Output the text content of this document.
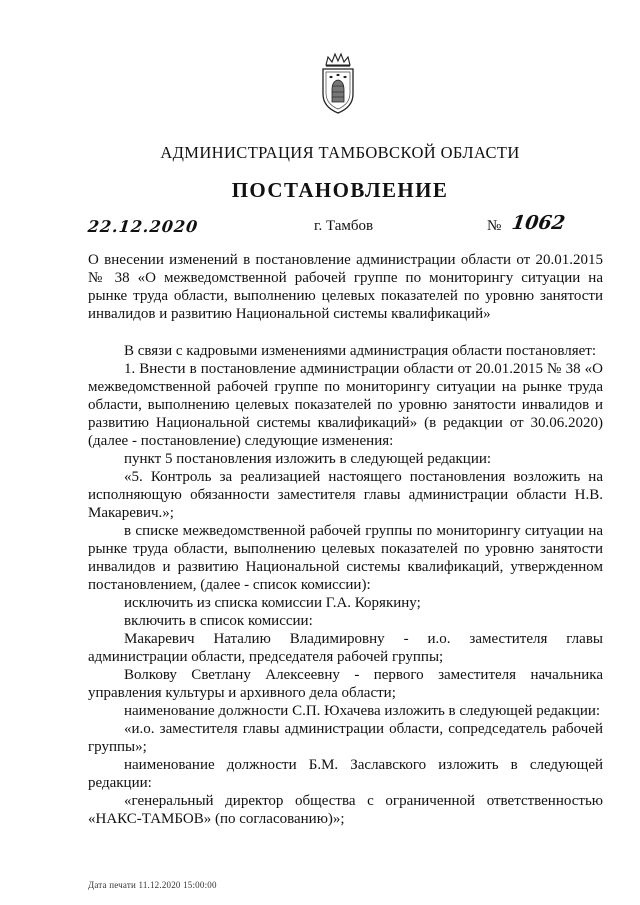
АДМИНИСТРАЦИЯ ТАМБОВСКОЙ ОБЛАСТИ
ПОСТАНОВЛЕНИЕ
22.12.2020	г. Тамбов	№ 1062
О внесении изменений в постановление администрации области от 20.01.2015 № 38 «О межведомственной рабочей группе по мониторингу ситуации на рынке труда области, выполнению целевых показателей по уровню занятости инвалидов и развитию Национальной системы квалификаций»

В связи с кадровыми изменениями администрация области постановляет:

1. Внести в постановление администрации области от 20.01.2015 № 38 «О межведомственной рабочей группе по мониторингу ситуации на рынке труда области, выполнению целевых показателей по уровню занятости инвалидов и развитию Национальной системы квалификаций» (в редакции от 30.06.2020) (далее - постановление) следующие изменения:

пункт 5 постановления изложить в следующей редакции:

«5. Контроль за реализацией настоящего постановления возложить на исполняющую обязанности заместителя главы администрации области Н.В. Макаревич.»;

в списке межведомственной рабочей группы по мониторингу ситуации на рынке труда области, выполнению целевых показателей по уровню занятости инвалидов и развитию Национальной системы квалификаций, утвержденном постановлением, (далее - список комиссии):

исключить из списка комиссии Г.А. Корякину;

включить в список комиссии:

Макаревич Наталию Владимировну - и.о. заместителя главы администрации области, председателя рабочей группы;

Волкову Светлану Алексеевну - первого заместителя начальника управления культуры и архивного дела области;

наименование должности С.П. Юхачева изложить в следующей редакции:

«и.о. заместителя главы администрации области, сопредседатель рабочей группы»;

наименование должности Б.М. Заславского изложить в следующей редакции:

«генеральный директор общества с ограниченной ответственностью «НАКС-ТАМБОВ» (по согласованию)»;

Дата печати 11.12.2020 15:00:00
